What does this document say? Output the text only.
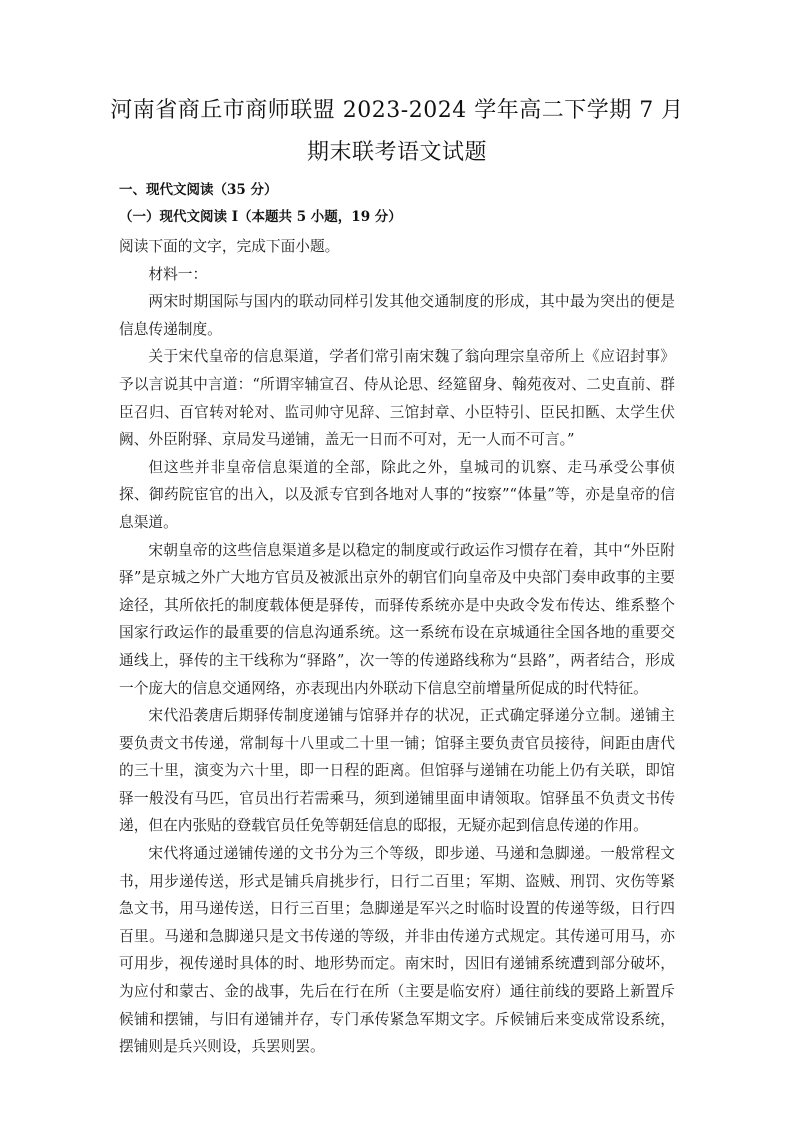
河南省商丘市商师联盟 2023-2024 学年高二下学期 7 月
期末联考语文试题
一、现代文阅读（35 分）
（一）现代文阅读 I（本题共 5 小题，19 分）

阅读下面的文字，完成下面小题。

材料一：

两宋时期国际与国内的联动同样引发其他交通制度的形成，其中最为突出的便是信息传递制度。

关于宋代皇帝的信息渠道，学者们常引南宋魏了翁向理宗皇帝所上《应诏封事》予以言说其中言道：“所谓宰辅宣召、侍从论思、经筵留身、翰苑夜对、二史直前、群臣召归、百官转对轮对、监司帅守见辞、三馆封章、小臣特引、臣民扣匦、太学生伏阙、外臣附驿、京局发马递铺，盖无一日而不可对，无一人而不可言。”

但这些并非皇帝信息渠道的全部，除此之外，皇城司的讥察、走马承受公事侦探、御药院宦官的出入，以及派专官到各地对人事的“按察”“体量”等，亦是皇帝的信息渠道。

宋朝皇帝的这些信息渠道多是以稳定的制度或行政运作习惯存在着，其中“外臣附驿”是京城之外广大地方官员及被派出京外的朝官们向皇帝及中央部门奏申政事的主要途径，其所依托的制度载体便是驿传，而驿传系统亦是中央政令发布传达、维系整个国家行政运作的最重要的信息沟通系统。这一系统布设在京城通往全国各地的重要交通线上，驿传的主干线称为“驿路”，次一等的传递路线称为“县路”，两者结合，形成一个庞大的信息交通网络，亦表现出内外联动下信息空前增量所促成的时代特征。

宋代沿袭唐后期驿传制度递铺与馆驿并存的状况，正式确定驿递分立制。递铺主要负责文书传递，常制每十八里或二十里一铺；馆驿主要负责官员接待，间距由唐代的三十里，演变为六十里，即一日程的距离。但馆驿与递铺在功能上仍有关联，即馆驿一般没有马匹，官员出行若需乘马，须到递铺里面申请领取。馆驿虽不负责文书传递，但在内张贴的登载官员任免等朝廷信息的邸报，无疑亦起到信息传递的作用。

宋代将通过递铺传递的文书分为三个等级，即步递、马递和急脚递。一般常程文书，用步递传送，形式是铺兵肩挑步行，日行二百里；军期、盗贼、刑罚、灾伤等紧急文书，用马递传送，日行三百里；急脚递是军兴之时临时设置的传递等级，日行四百里。马递和急脚递只是文书传递的等级，并非由传递方式规定。其传递可用马，亦可用步，视传递时具体的时、地形势而定。南宋时，因旧有递铺系统遭到部分破坏，为应付和蒙古、金的战事，先后在行在所（主要是临安府）通往前线的要路上新置斥候铺和摆铺，与旧有递铺并存，专门承传紧急军期文字。斥候铺后来变成常设系统，摆铺则是兵兴则设，兵罢则罢。
